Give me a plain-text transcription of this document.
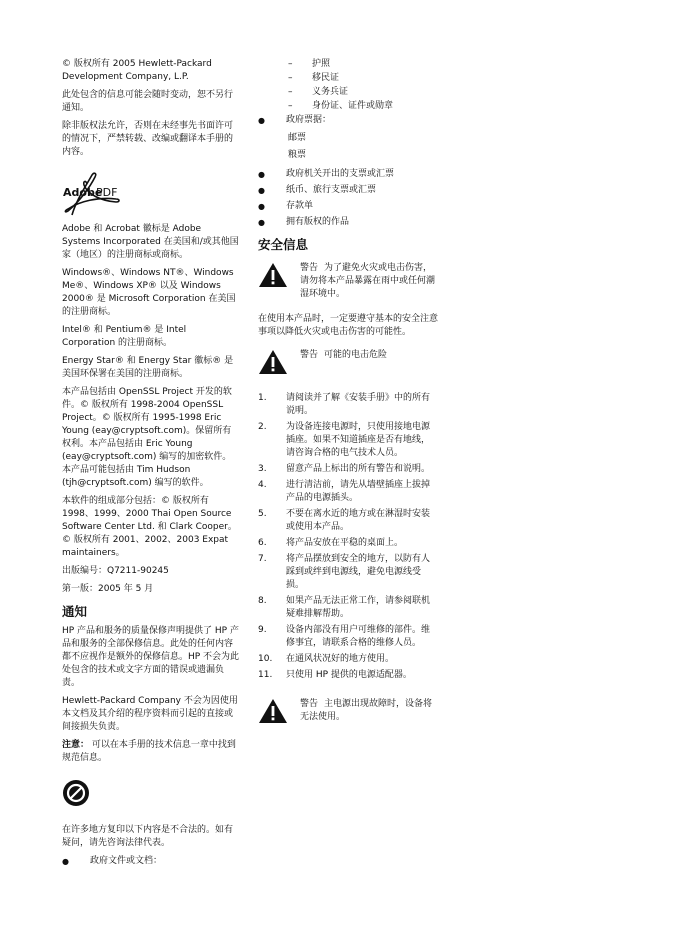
© 版权所有 2005 Hewlett-Packard Development Company, L.P.

此处包含的信息可能会随时变动，恕不另行通知。

除非版权法允许，否则在未经事先书面许可的情况下，严禁转载、改编或翻译本手册的内容。

Adobe
PDF

Adobe 和 Acrobat 徽标是 Adobe Systems Incorporated 在美国和/或其他国家（地区）的注册商标或商标。

Windows®、Windows NT®、Windows Me®、Windows XP® 以及 Windows 2000® 是 Microsoft Corporation 在美国的注册商标。

Intel® 和 Pentium® 是 Intel Corporation 的注册商标。

Energy Star® 和 Energy Star 徽标® 是美国环保署在美国的注册商标。

本产品包括由 OpenSSL Project 开发的软件。© 版权所有 1998-2004 OpenSSL Project。© 版权所有 1995-1998 Eric Young (eay@cryptsoft.com)。保留所有权利。本产品包括由 Eric Young (eay@cryptsoft.com) 编写的加密软件。本产品可能包括由 Tim Hudson (tjh@cryptsoft.com) 编写的软件。

本软件的组成部分包括：© 版权所有 1998、1999、2000 Thai Open Source Software Center Ltd. 和 Clark Cooper。© 版权所有 2001、2002、2003 Expat maintainers。

出版编号：Q7211-90245

第一版：2005 年 5 月

通知

HP 产品和服务的质量保修声明提供了 HP 产品和服务的全部保修信息。此处的任何内容都不应视作是额外的保修信息。HP 不会为此处包含的技术或文字方面的错误或遗漏负责。

Hewlett-Packard Company 不会为因使用本文档及其介绍的程序资料而引起的直接或间接损失负责。

注意： 可以在本手册的技术信息一章中找到规范信息。

在许多地方复印以下内容是不合法的。如有疑问，请先咨询法律代表。

●	政府文件或文档：
–	护照
–	移民证
–	义务兵证
–	身份证、证件或勋章
●	政府票据：
邮票
粮票
●	政府机关开出的支票或汇票
●	纸币、旅行支票或汇票
●	存款单
●	拥有版权的作品
安全信息
警告 为了避免火灾或电击伤害，请勿将本产品暴露在雨中或任何潮湿环境中。

在使用本产品时，一定要遵守基本的安全注意事项以降低火灾或电击伤害的可能性。

警告 可能的电击危险
1.	请阅读并了解《安装手册》中的所有说明。
2.	为设备连接电源时，只使用接地电源插座。如果不知道插座是否有地线，请咨询合格的电气技术人员。
3.	留意产品上标出的所有警告和说明。
4.	进行清洁前，请先从墙壁插座上拔掉产品的电源插头。
5.	不要在离水近的地方或在淋湿时安装或使用本产品。
6.	将产品安放在平稳的桌面上。
7.	将产品摆放到安全的地方，以防有人踩到或绊到电源线，避免电源线受损。
8.	如果产品无法正常工作，请参阅联机疑难排解帮助。
9.	设备内部没有用户可维修的部件。维修事宜，请联系合格的维修人员。
10.	在通风状况好的地方使用。
11.	只使用 HP 提供的电源适配器。
警告 主电源出现故障时，设备将无法使用。
